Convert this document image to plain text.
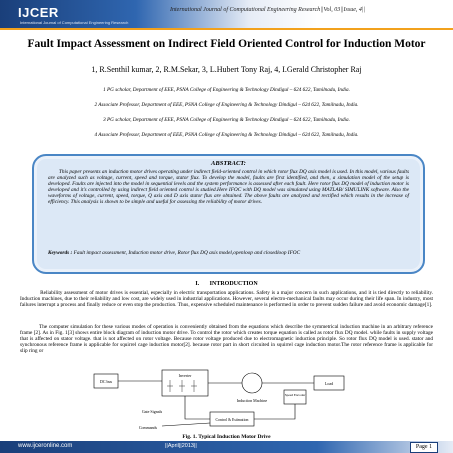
IJCER
International Journal of Computational Engineering Research
International Journal of Computational Engineering Research||Vol, 03||Issue, 4||
Fault Impact Assessment on Indirect Field Oriented Control for Induction Motor
1, R.Senthil kumar, 2, R.M.Sekar, 3, L.Hubert Tony Raj, 4, I.Gerald Christopher Raj
1 PG scholar, Department of EEE, PSNA College of Engineering & Technology Dindigul – 624 622, Tamilnadu, India.
2 Associate Professor, Department of EEE, PSNA College of Engineering & Technology Dindigul – 624 622, Tamilnadu, India.
3 PG scholar, Department of EEE, PSNA College of Engineering & Technology Dindigul – 624 622, Tamilnadu, India.
4 Associate Professor, Department of EEE, PSNA College of Engineering & Technology Dindigul – 624 622, Tamilnadu, India.
ABSTRACT:
This paper presents an induction motor drives operating under indirect field-oriented control in which rotor flux DQ axis model is used. In this model, various faults are analyzed such as voltage, current, speed and torque, stator flux. To develop the model, faults are first identified, and then, a simulation model of the setup is developed. Faults are injected into the model in sequential levels and the system performance is assessed after each fault. Here rotor flux DQ model of induction motor is developed and it's controlled by using indirect field oriented control is studied.Here IFOC with DQ model was simulated using MATLAB/ SIMULINK software. Also the waveforms of voltage, current, speed, torque, Q axis and D axis stator flux are obtained. The above faults are analyzed and rectified which results in the increase of efficiency. This analysis is shown to be simple and useful for assessing the reliability of motor drives.
Keywords : Fault impact assessment, Induction motor drive, Rotor flux DQ axis model,openloop and closedloop IFOC
I. INTRODUCTION
Reliability assessment of motor drives is essential, especially in electric transportation applications. Safety is a major concern in such applications, and it is tied directly to reliability. Induction machines, due to their reliability and low cost, are widely used in industrial applications. However, several electro-mechanical faults may occur during their life span. In industry, most failures interrupt a process and finally reduce or even stop the production. Thus, expensive scheduled maintenance is performed in order to prevent sudden failure and avoid economic damage[1].
The computer simulation for these various modes of operation is conveniently obtained from the equations which describe the symmetrical induction machine in an arbitrary reference frame [2]. As in Fig. 1[3] shows entire block diagram of induction motor drive. To control the rotor which creates torque equation is called as rotor flux DQ model. while faults in supply voltage that is affected on stator voltage. that is not affected on rotor voltage. Because rotor voltage produced due to electromagnetic induction principle. So rotor flux DQ model is used. stator and synchronous reference frame is applicable for squirrel cage induction motor[2]. because rotor part in short circuited in squirrel cage induction motor.The rotor reference frame is applicable for slip ring or
DC bus
Inverter
Induction Machine
Load
Speed Encoder
Control & Estimation
Gate Signals
Commands
Fig. 1. Typical Induction Motor Drive
www.ijceronline.com	||April||2013||	Page 1
